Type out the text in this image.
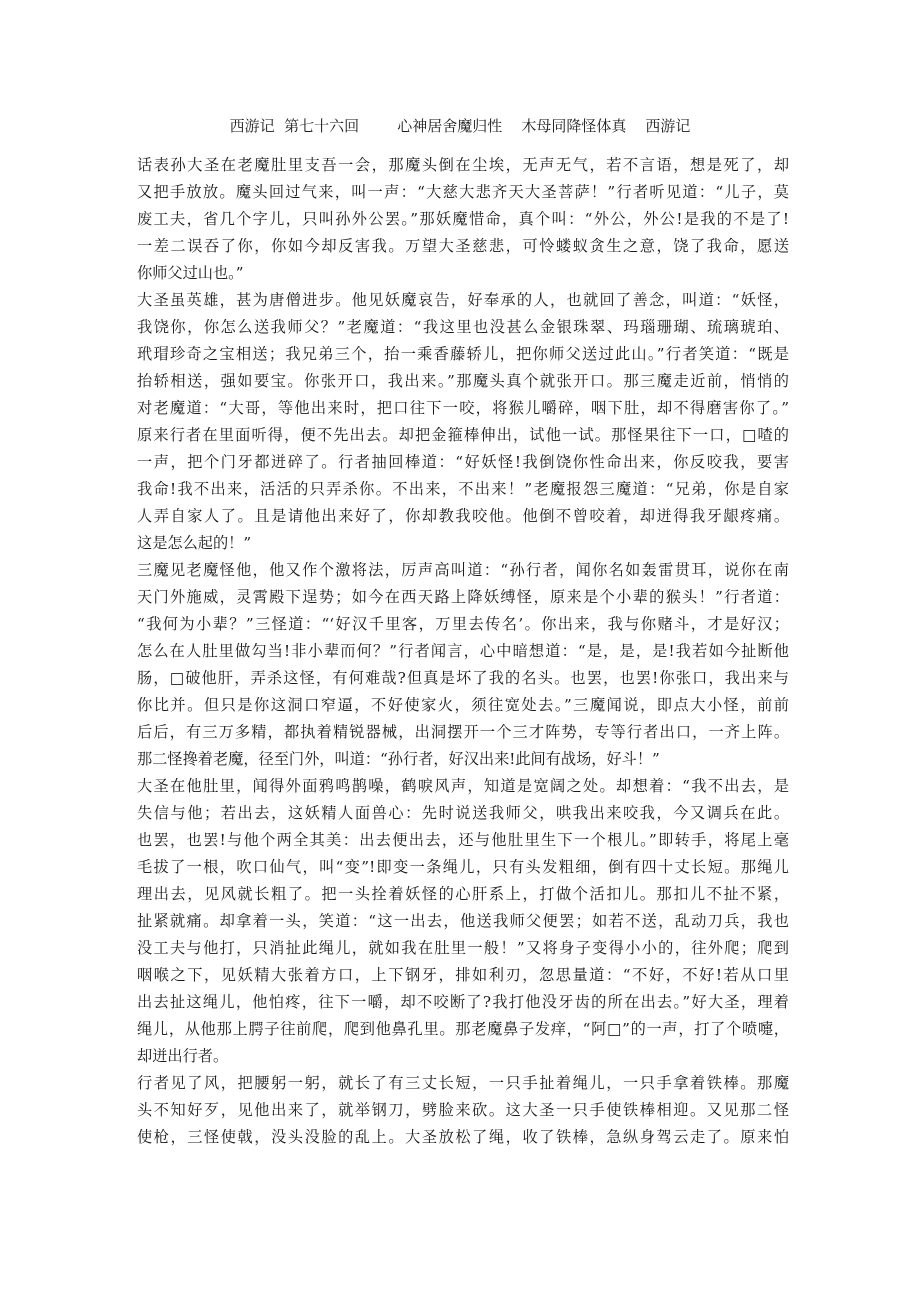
西游记  第七十六回        心神居舍魔归性    木母同降怪体真    西游记
话表孙大圣在老魔肚里支吾一会，那魔头倒在尘埃，无声无气，若不言语，想是死了，却
又把手放放。魔头回过气来，叫一声：“大慈大悲齐天大圣菩萨！”行者听见道：“儿子，莫
废工夫，省几个字儿，只叫孙外公罢。”那妖魔惜命，真个叫：“外公，外公!是我的不是了!
一差二误吞了你，你如今却反害我。万望大圣慈悲，可怜蝼蚁贪生之意，饶了我命，愿送
你师父过山也。”
大圣虽英雄，甚为唐僧进步。他见妖魔哀告，好奉承的人，也就回了善念，叫道：“妖怪，
我饶你，你怎么送我师父？”老魔道：“我这里也没甚么金银珠翠、玛瑙珊瑚、琉璃琥珀、
玳瑁珍奇之宝相送；我兄弟三个，抬一乘香藤轿儿，把你师父送过此山。”行者笑道：“既是
抬轿相送，强如要宝。你张开口，我出来。”那魔头真个就张开口。那三魔走近前，悄悄的
对老魔道：“大哥，等他出来时，把口往下一咬，将猴儿嚼碎，咽下肚，却不得磨害你了。”
原来行者在里面听得，便不先出去。却把金箍棒伸出，试他一试。那怪果往下一口，□喳的
一声，把个门牙都迸碎了。行者抽回棒道：“好妖怪!我倒饶你性命出来，你反咬我，要害
我命!我不出来，活活的只弄杀你。不出来，不出来！”老魔报怨三魔道：“兄弟，你是自家
人弄自家人了。且是请他出来好了，你却教我咬他。他倒不曾咬着，却迸得我牙龈疼痛。
这是怎么起的！”
三魔见老魔怪他，他又作个激将法，厉声高叫道：“孙行者，闻你名如轰雷贯耳，说你在南
天门外施威，灵霄殿下逞势；如今在西天路上降妖缚怪，原来是个小辈的猴头！”行者道：
“我何为小辈？”三怪道：“‘好汉千里客，万里去传名’。你出来，我与你赌斗，才是好汉；
怎么在人肚里做勾当!非小辈而何？”行者闻言，心中暗想道：“是，是，是!我若如今扯断他
肠，□破他肝，弄杀这怪，有何难哉?但真是坏了我的名头。也罢，也罢!你张口，我出来与
你比并。但只是你这洞口窄逼，不好使家火，须往宽处去。”三魔闻说，即点大小怪，前前
后后，有三万多精，都执着精锐器械，出洞摆开一个三才阵势，专等行者出口，一齐上阵。
那二怪搀着老魔，径至门外，叫道：“孙行者，好汉出来!此间有战场，好斗！”
大圣在他肚里，闻得外面鸦鸣鹊噪，鹤唳风声，知道是宽阔之处。却想着：“我不出去，是
失信与他；若出去，这妖精人面兽心：先时说送我师父，哄我出来咬我，今又调兵在此。
也罢，也罢!与他个两全其美：出去便出去，还与他肚里生下一个根儿。”即转手，将尾上毫
毛拔了一根，吹口仙气，叫“变”!即变一条绳儿，只有头发粗细，倒有四十丈长短。那绳儿
理出去，见风就长粗了。把一头拴着妖怪的心肝系上，打做个活扣儿。那扣儿不扯不紧，
扯紧就痛。却拿着一头，笑道：“这一出去，他送我师父便罢；如若不送，乱动刀兵，我也
没工夫与他打，只消扯此绳儿，就如我在肚里一般！”又将身子变得小小的，往外爬；爬到
咽喉之下，见妖精大张着方口，上下钢牙，排如利刃，忽思量道：“不好，不好!若从口里
出去扯这绳儿，他怕疼，往下一嚼，却不咬断了?我打他没牙齿的所在出去。”好大圣，理着
绳儿，从他那上腭子往前爬，爬到他鼻孔里。那老魔鼻子发痒，“阿□”的一声，打了个喷嚏，
却迸出行者。
行者见了风，把腰躬一躬，就长了有三丈长短，一只手扯着绳儿，一只手拿着铁棒。那魔
头不知好歹，见他出来了，就举钢刀，劈脸来砍。这大圣一只手使铁棒相迎。又见那二怪
使枪，三怪使戟，没头没脸的乱上。大圣放松了绳，收了铁棒，急纵身驾云走了。原来怕
